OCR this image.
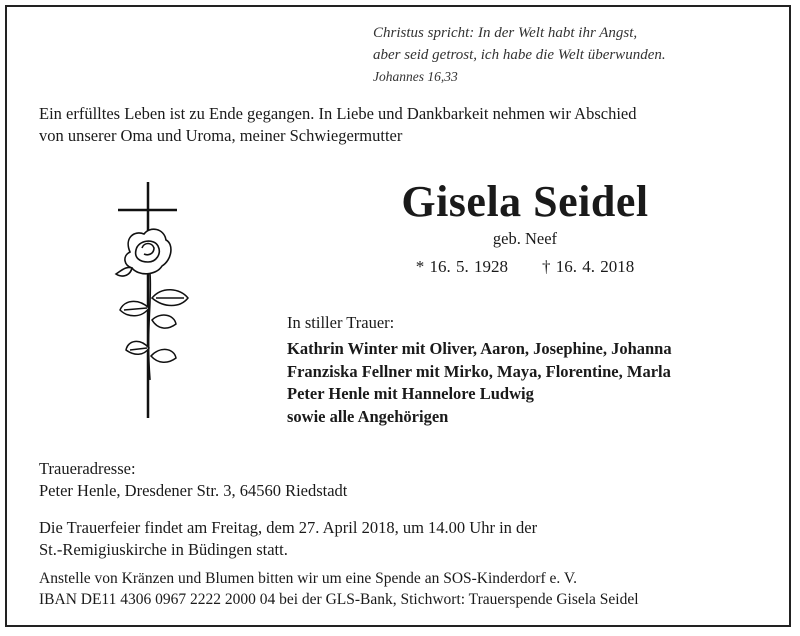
Christus spricht: In der Welt habt ihr Angst,
aber seid getrost, ich habe die Welt überwunden.
Johannes 16,33
Ein erfülltes Leben ist zu Ende gegangen. In Liebe und Dankbarkeit nehmen wir Abschied
von unserer Oma und Uroma, meiner Schwiegermutter
Gisela Seidel
geb. Neef
* 16. 5. 1928 † 16. 4. 2018
In stiller Trauer:
Kathrin Winter mit Oliver, Aaron, Josephine, Johanna
Franziska Fellner mit Mirko, Maya, Florentine, Marla
Peter Henle mit Hannelore Ludwig
sowie alle Angehörigen
Traueradresse:
Peter Henle, Dresdener Str. 3, 64560 Riedstadt
Die Trauerfeier findet am Freitag, dem 27. April 2018, um 14.00 Uhr in der
St.-Remigiuskirche in Büdingen statt.
Anstelle von Kränzen und Blumen bitten wir um eine Spende an SOS-Kinderdorf e. V.
IBAN DE11 4306 0967 2222 2000 04 bei der GLS-Bank, Stichwort: Trauerspende Gisela Seidel
